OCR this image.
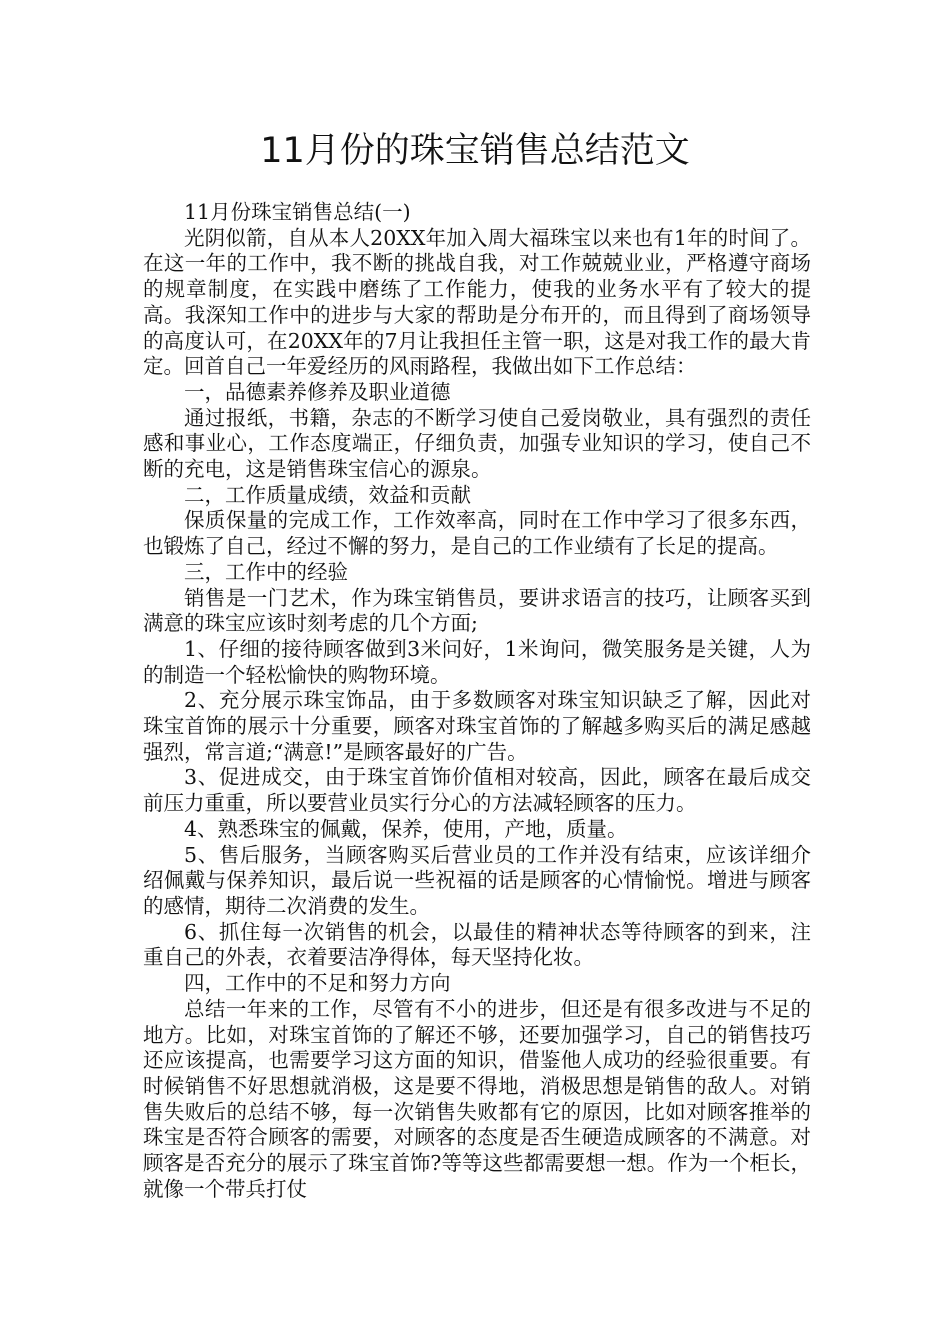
11月份的珠宝销售总结范文

11月份珠宝销售总结(一)

光阴似箭，自从本人20XX年加入周大福珠宝以来也有1年的时间了。在这一年的工作中，我不断的挑战自我，对工作兢兢业业，严格遵守商场的规章制度，在实践中磨练了工作能力，使我的业务水平有了较大的提高。我深知工作中的进步与大家的帮助是分布开的，而且得到了商场领导的高度认可，在20XX年的7月让我担任主管一职，这是对我工作的最大肯定。回首自己一年爱经历的风雨路程，我做出如下工作总结：

一，品德素养修养及职业道德

通过报纸，书籍，杂志的不断学习使自己爱岗敬业，具有强烈的责任感和事业心，工作态度端正，仔细负责，加强专业知识的学习，使自己不断的充电，这是销售珠宝信心的源泉。

二，工作质量成绩，效益和贡献

保质保量的完成工作，工作效率高，同时在工作中学习了很多东西，也锻炼了自己，经过不懈的努力，是自己的工作业绩有了长足的提高。

三，工作中的经验

销售是一门艺术，作为珠宝销售员，要讲求语言的技巧，让顾客买到满意的珠宝应该时刻考虑的几个方面;

1、仔细的接待顾客做到3米问好，1米询问，微笑服务是关键，人为的制造一个轻松愉快的购物环境。

2、充分展示珠宝饰品，由于多数顾客对珠宝知识缺乏了解，因此对珠宝首饰的展示十分重要，顾客对珠宝首饰的了解越多购买后的满足感越强烈，常言道;“满意!”是顾客最好的广告。

3、促进成交，由于珠宝首饰价值相对较高，因此，顾客在最后成交前压力重重，所以要营业员实行分心的方法减轻顾客的压力。

4、熟悉珠宝的佩戴，保养，使用，产地，质量。

5、售后服务，当顾客购买后营业员的工作并没有结束，应该详细介绍佩戴与保养知识，最后说一些祝福的话是顾客的心情愉悦。增进与顾客的感情，期待二次消费的发生。

6、抓住每一次销售的机会，以最佳的精神状态等待顾客的到来，注重自己的外表，衣着要洁净得体，每天坚持化妆。

四，工作中的不足和努力方向

总结一年来的工作，尽管有不小的进步，但还是有很多改进与不足的地方。比如，对珠宝首饰的了解还不够，还要加强学习，自己的销售技巧还应该提高，也需要学习这方面的知识，借鉴他人成功的经验很重要。有时候销售不好思想就消极，这是要不得地，消极思想是销售的敌人。对销售失败后的总结不够，每一次销售失败都有它的原因，比如对顾客推举的珠宝是否符合顾客的需要，对顾客的态度是否生硬造成顾客的不满意。对顾客是否充分的展示了珠宝首饰?等等这些都需要想一想。作为一个柜长，就像一个带兵打仗
